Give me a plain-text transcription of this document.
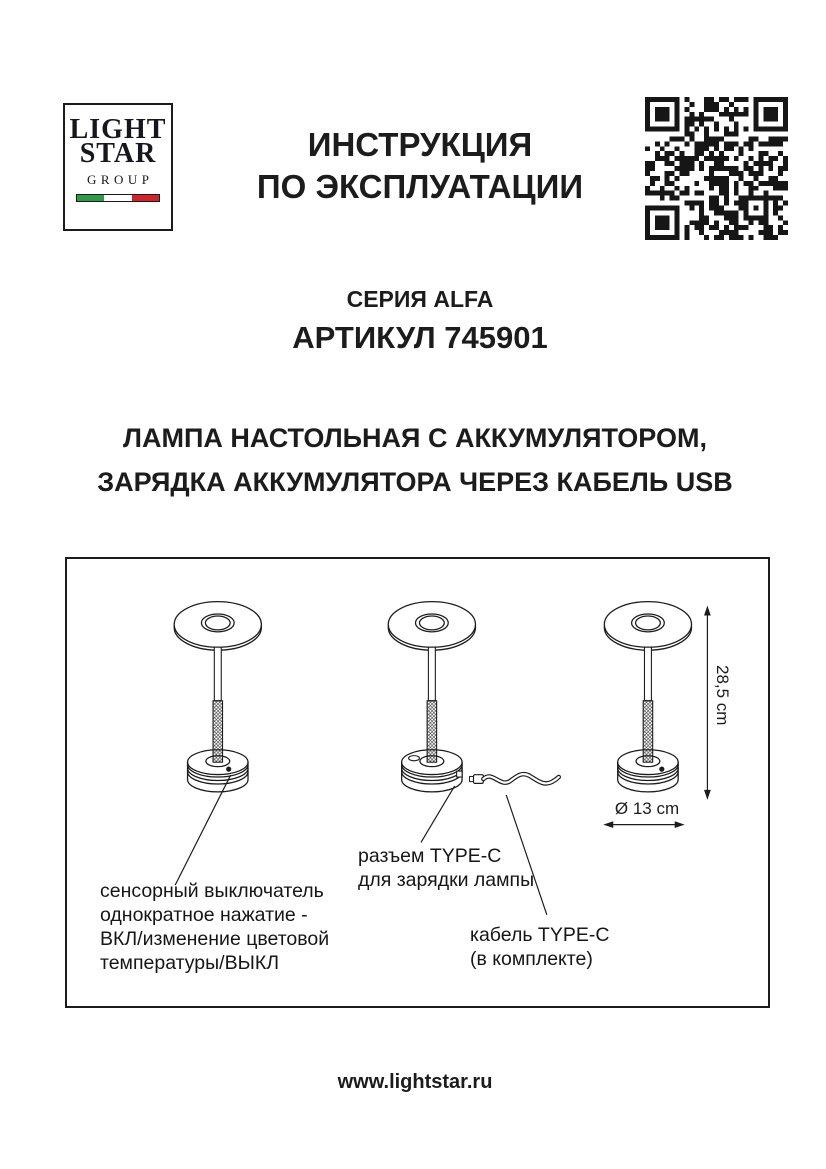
LIGHT
STAR
GROUP
ИНСТРУКЦИЯ
ПО ЭКСПЛУАТАЦИИ
СЕРИЯ ALFA
АРТИКУЛ 745901
ЛАМПА НАСТОЛЬНАЯ С АККУМУЛЯТОРОМ,
ЗАРЯДКА АККУМУЛЯТОРА ЧЕРЕЗ КАБЕЛЬ USB
сенсорный выключатель
однократное нажатие -
ВКЛ/изменение цветовой
температуры/ВЫКЛ
разъем TYPE-C
для зарядки лампы
кабель TYPE-C
(в комплекте)
28,5 cm
Ø 13 cm
www.lightstar.ru
